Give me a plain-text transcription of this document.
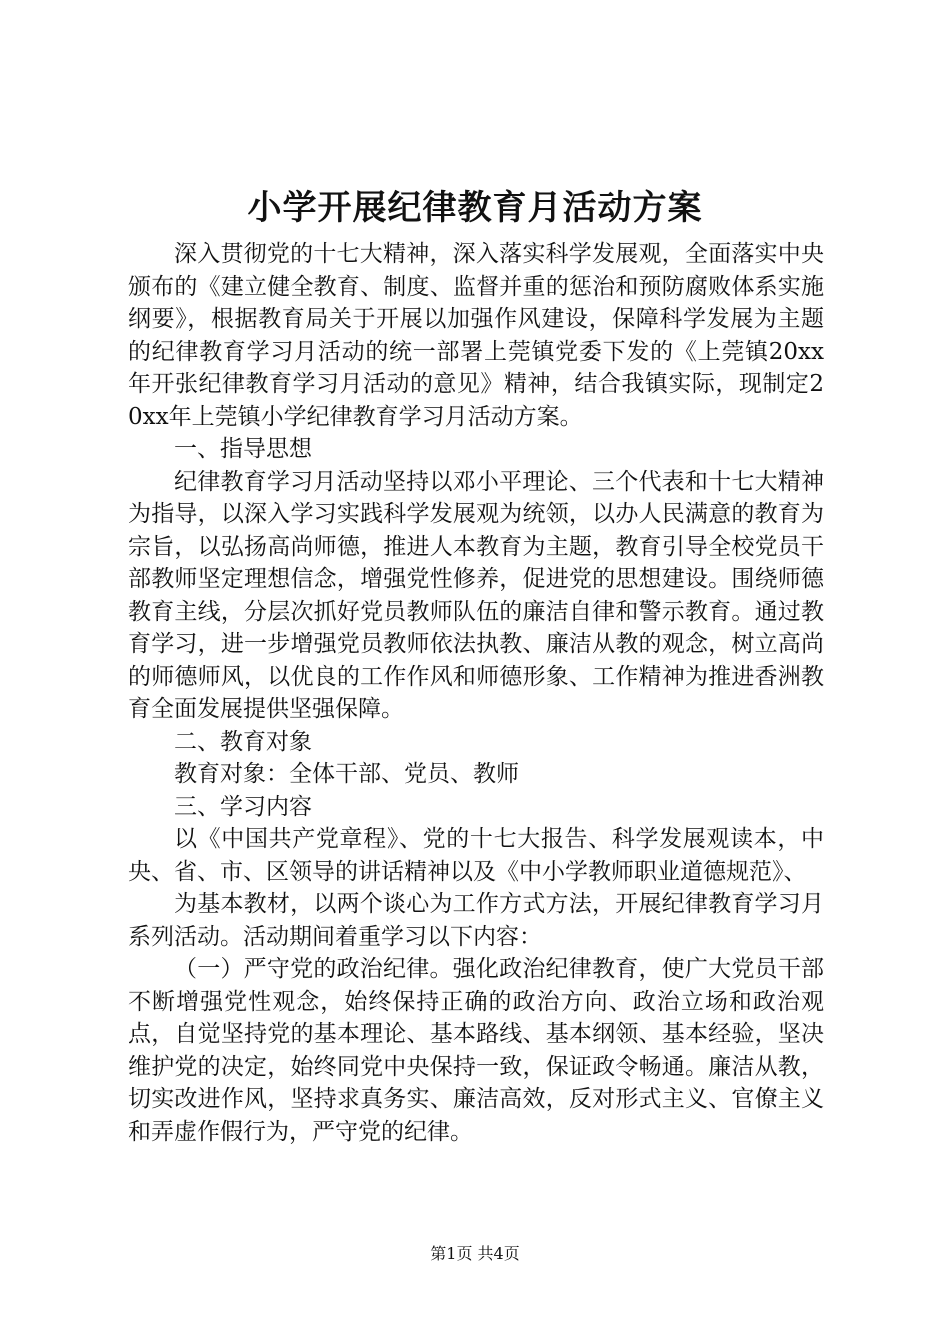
小学开展纪律教育月活动方案

深入贯彻党的十七大精神，深入落实科学发展观，全面落实中央颁布的《建立健全教育、制度、监督并重的惩治和预防腐败体系实施纲要》，根据教育局关于开展以加强作风建设，保障科学发展为主题的纪律教育学习月活动的统一部署上莞镇党委下发的《上莞镇20xx年开张纪律教育学习月活动的意见》精神，结合我镇实际，现制定20xx年上莞镇小学纪律教育学习月活动方案。

一、指导思想

纪律教育学习月活动坚持以邓小平理论、三个代表和十七大精神为指导，以深入学习实践科学发展观为统领，以办人民满意的教育为宗旨，以弘扬高尚师德，推进人本教育为主题，教育引导全校党员干部教师坚定理想信念，增强党性修养，促进党的思想建设。围绕师德教育主线，分层次抓好党员教师队伍的廉洁自律和警示教育。通过教育学习，进一步增强党员教师依法执教、廉洁从教的观念，树立高尚的师德师风，以优良的工作作风和师德形象、工作精神为推进香洲教育全面发展提供坚强保障。

二、教育对象

教育对象：全体干部、党员、教师

三、学习内容

以《中国共产党章程》、党的十七大报告、科学发展观读本，中央、省、市、区领导的讲话精神以及《中小学教师职业道德规范》、

为基本教材，以两个谈心为工作方式方法，开展纪律教育学习月系列活动。活动期间着重学习以下内容：

（一）严守党的政治纪律。强化政治纪律教育，使广大党员干部不断增强党性观念，始终保持正确的政治方向、政治立场和政治观点，自觉坚持党的基本理论、基本路线、基本纲领、基本经验，坚决维护党的决定，始终同党中央保持一致，保证政令畅通。廉洁从教，切实改进作风，坚持求真务实、廉洁高效，反对形式主义、官僚主义和弄虚作假行为，严守党的纪律。

第1页 共4页
